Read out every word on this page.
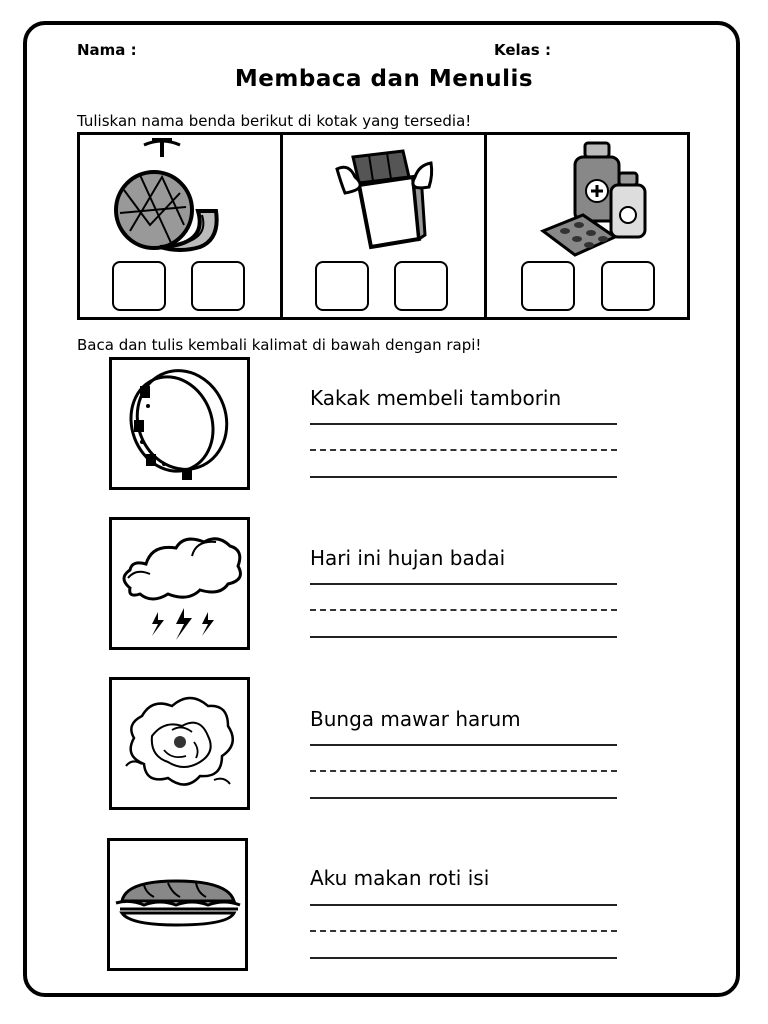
Nama :	Kelas :
Membaca dan Menulis
Tuliskan nama benda berikut di kotak yang tersedia!
Baca dan tulis kembali kalimat di bawah dengan rapi!
Kakak membeli tamborin
Hari ini hujan badai
Bunga mawar harum
Aku makan roti isi
